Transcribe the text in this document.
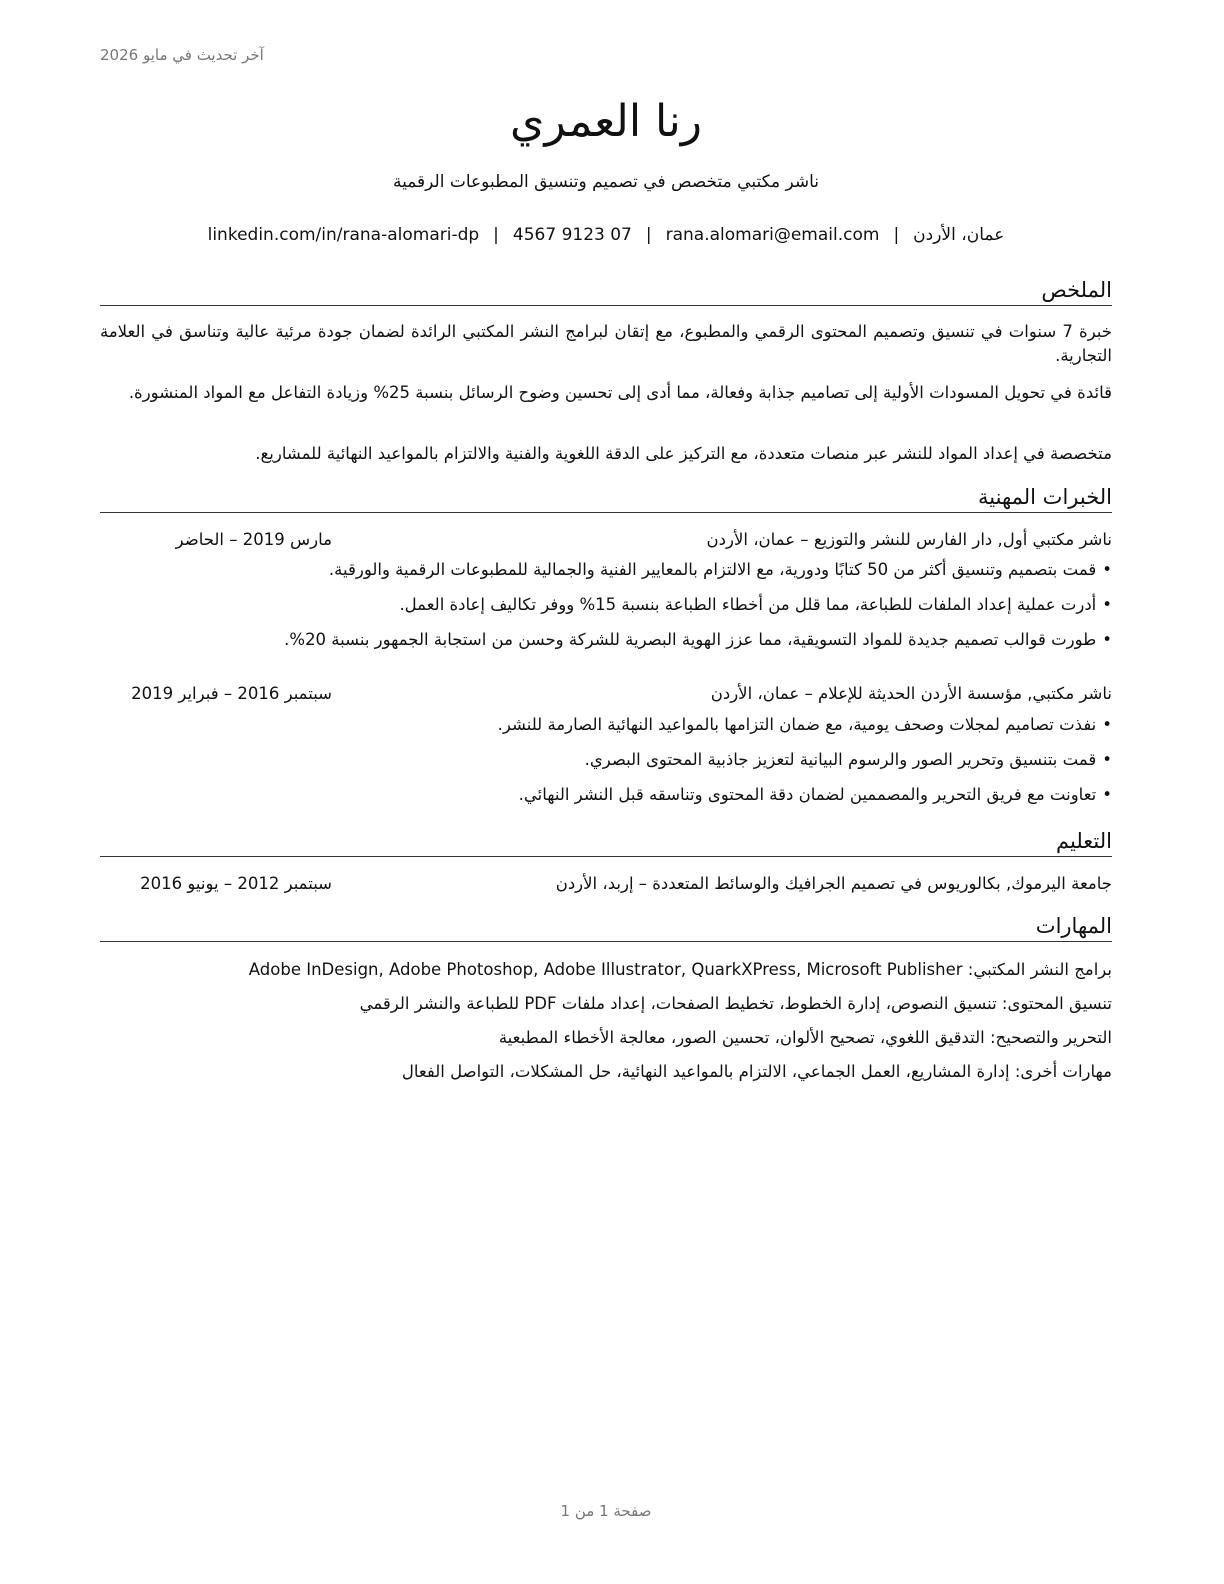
آخر تحديث في مايو 2026
رنا العمري
ناشر مكتبي متخصص في تصميم وتنسيق المطبوعات الرقمية
عمان، الأردن|rana.alomari@email.com|4567 9123 07|linkedin.com/in/rana-alomari-dp
الملخص
خبرة 7 سنوات في تنسيق وتصميم المحتوى الرقمي والمطبوع، مع إتقان لبرامج النشر المكتبي الرائدة لضمان جودة مرئية عالية وتناسق في العلامة التجارية.
قائدة في تحويل المسودات الأولية إلى تصاميم جذابة وفعالة، مما أدى إلى تحسين وضوح الرسائل بنسبة 25% وزيادة التفاعل مع المواد المنشورة.
متخصصة في إعداد المواد للنشر عبر منصات متعددة، مع التركيز على الدقة اللغوية والفنية والالتزام بالمواعيد النهائية للمشاريع.
الخبرات المهنية
ناشر مكتبي أول, دار الفارس للنشر والتوزيع – عمان، الأردن
مارس 2019 – الحاضر
•قمت بتصميم وتنسيق أكثر من 50 كتابًا ودورية، مع الالتزام بالمعايير الفنية والجمالية للمطبوعات الرقمية والورقية.
•أدرت عملية إعداد الملفات للطباعة، مما قلل من أخطاء الطباعة بنسبة 15% ووفر تكاليف إعادة العمل.
•طورت قوالب تصميم جديدة للمواد التسويقية، مما عزز الهوية البصرية للشركة وحسن من استجابة الجمهور بنسبة 20%.
ناشر مكتبي, مؤسسة الأردن الحديثة للإعلام – عمان، الأردن
سبتمبر 2016 – فبراير 2019
•نفذت تصاميم لمجلات وصحف يومية، مع ضمان التزامها بالمواعيد النهائية الصارمة للنشر.
•قمت بتنسيق وتحرير الصور والرسوم البيانية لتعزيز جاذبية المحتوى البصري.
•تعاونت مع فريق التحرير والمصممين لضمان دقة المحتوى وتناسقه قبل النشر النهائي.
التعليم
جامعة اليرموك, بكالوريوس في تصميم الجرافيك والوسائط المتعددة – إربد، الأردن
سبتمبر 2012 – يونيو 2016
المهارات
برامج النشر المكتبي: Adobe InDesign, Adobe Photoshop, Adobe Illustrator, QuarkXPress, Microsoft Publisher
تنسيق المحتوى: تنسيق النصوص، إدارة الخطوط، تخطيط الصفحات، إعداد ملفات PDF للطباعة والنشر الرقمي
التحرير والتصحيح: التدقيق اللغوي، تصحيح الألوان، تحسين الصور، معالجة الأخطاء المطبعية
مهارات أخرى: إدارة المشاريع، العمل الجماعي، الالتزام بالمواعيد النهائية، حل المشكلات، التواصل الفعال
صفحة 1 من 1
